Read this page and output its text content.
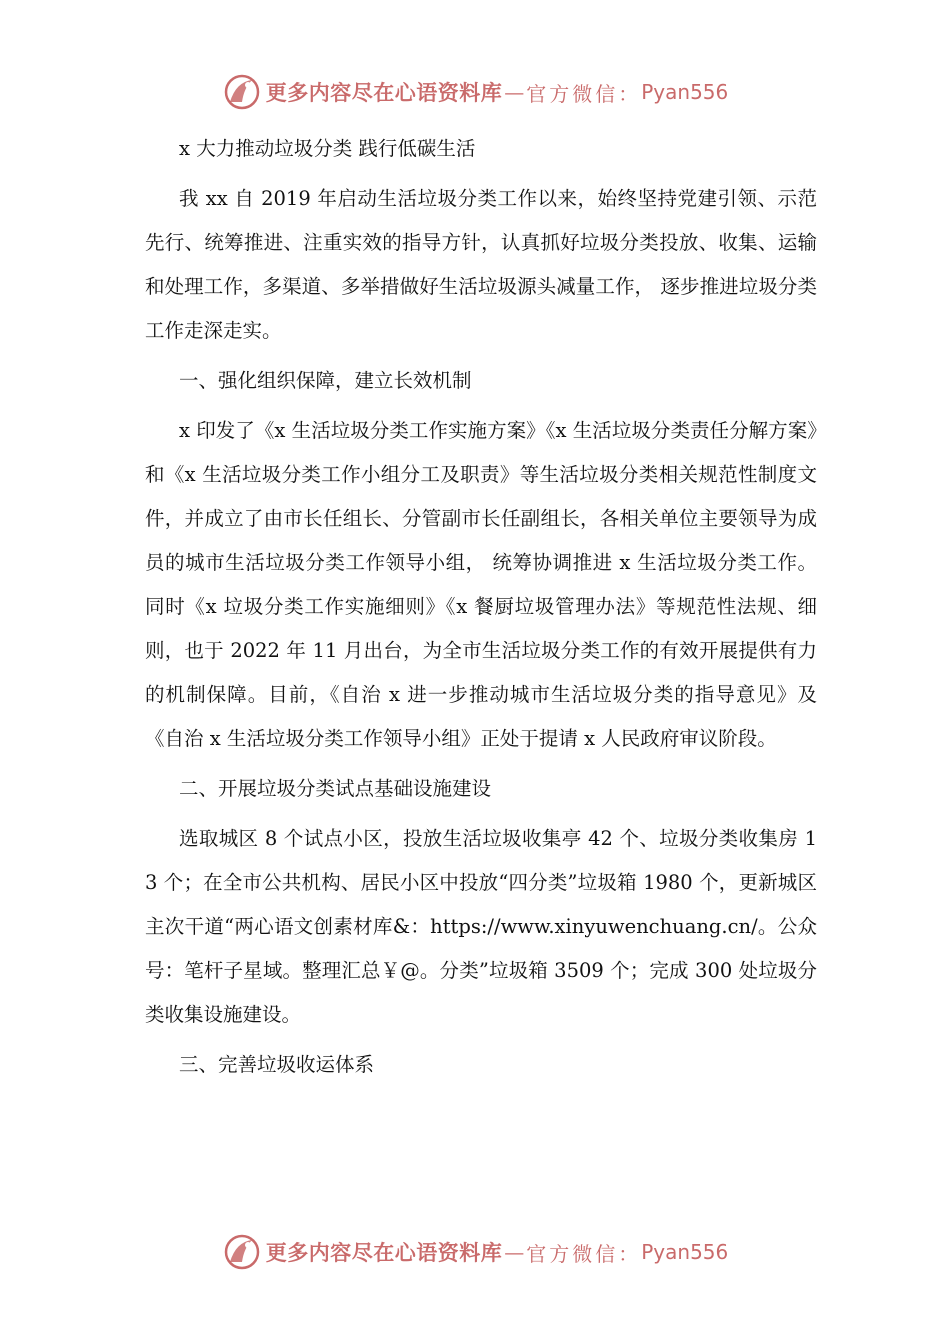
更多内容尽在心语资料库 — 官方微信： Pyan556

x 大力推动垃圾分类 践行低碳生活

我 xx 自 2019 年启动生活垃圾分类工作以来，始终坚持党建引领、示范先行、统筹推进、注重实效的指导方针，认真抓好垃圾分类投放、收集、运输和处理工作，多渠道、多举措做好生活垃圾源头减量工作， 逐步推进垃圾分类工作走深走实。

一、强化组织保障，建立长效机制

x 印发了《x 生活垃圾分类工作实施方案》《x 生活垃圾分类责任分解方案》和《x 生活垃圾分类工作小组分工及职责》等生活垃圾分类相关规范性制度文件，并成立了由市长任组长、分管副市长任副组长，各相关单位主要领导为成员的城市生活垃圾分类工作领导小组， 统筹协调推进 x 生活垃圾分类工作。同时《x 垃圾分类工作实施细则》《x 餐厨垃圾管理办法》等规范性法规、细则，也于 2022 年 11 月出台，为全市生活垃圾分类工作的有效开展提供有力的机制保障。目前，《自治 x 进一步推动城市生活垃圾分类的指导意见》及《自治 x 生活垃圾分类工作领导小组》正处于提请 x 人民政府审议阶段。

二、开展垃圾分类试点基础设施建设

选取城区 8 个试点小区，投放生活垃圾收集亭 42 个、垃圾分类收集房 13 个；在全市公共机构、居民小区中投放“四分类”垃圾箱 1980 个，更新城区主次干道“两心语文创素材库&：https://www.xinyuwenchuang.cn/。公众号：笔杆子星域。整理汇总￥@。分类”垃圾箱 3509 个；完成 300 处垃圾分类收集设施建设。

三、完善垃圾收运体系

更多内容尽在心语资料库 — 官方微信： Pyan556
